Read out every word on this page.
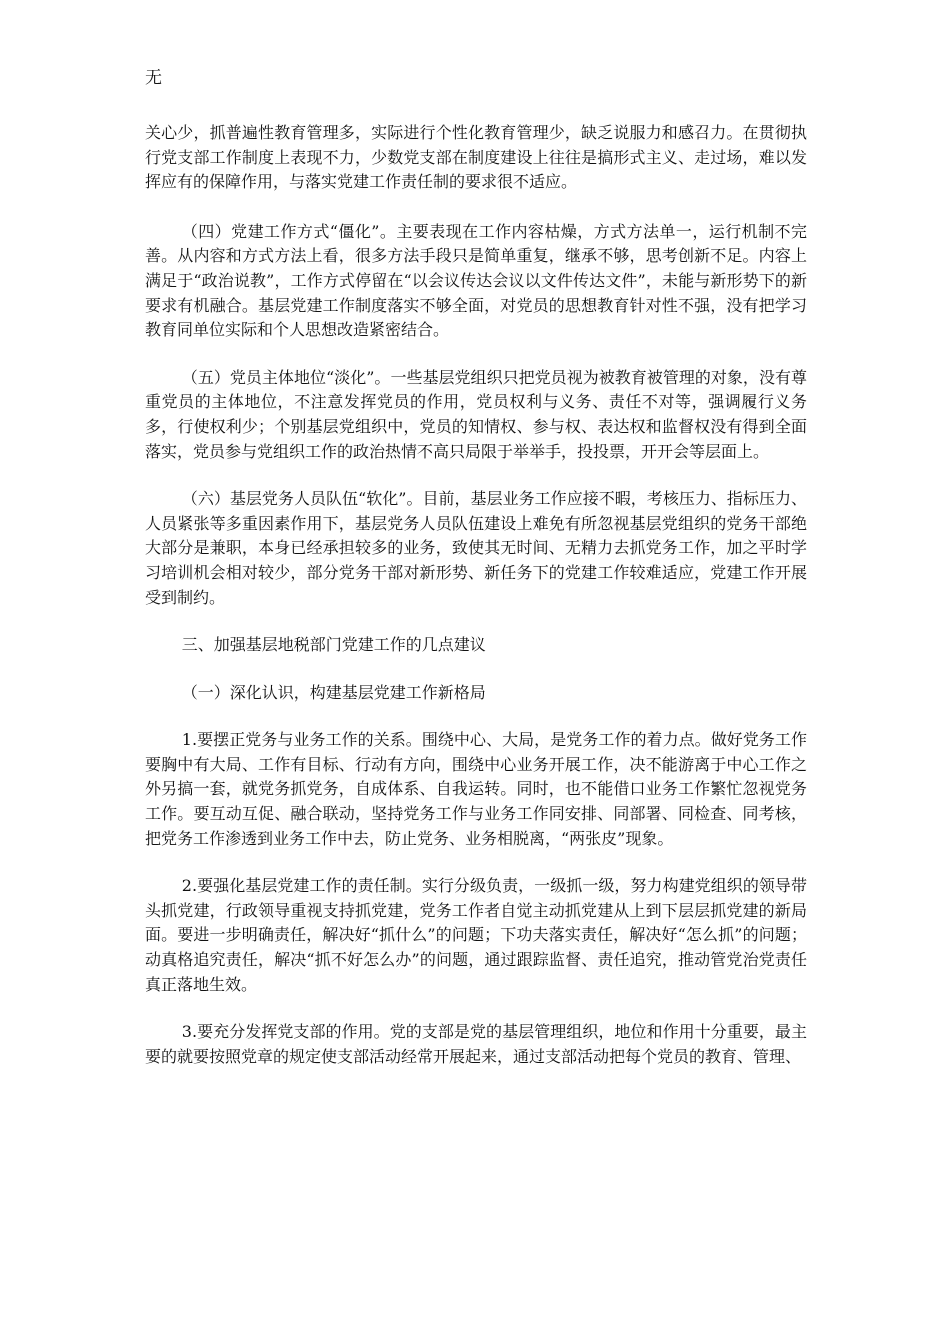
无

关心少，抓普遍性教育管理多，实际进行个性化教育管理少，缺乏说服力和感召力。在贯彻执行党支部工作制度上表现不力，少数党支部在制度建设上往往是搞形式主义、走过场，难以发挥应有的保障作用，与落实党建工作责任制的要求很不适应。

（四）党建工作方式“僵化”。主要表现在工作内容枯燥，方式方法单一，运行机制不完善。从内容和方式方法上看，很多方法手段只是简单重复，继承不够，思考创新不足。内容上满足于“政治说教”，工作方式停留在“以会议传达会议以文件传达文件”，未能与新形势下的新要求有机融合。基层党建工作制度落实不够全面，对党员的思想教育针对性不强，没有把学习教育同单位实际和个人思想改造紧密结合。

（五）党员主体地位“淡化”。一些基层党组织只把党员视为被教育被管理的对象，没有尊重党员的主体地位，不注意发挥党员的作用，党员权利与义务、责任不对等，强调履行义务多，行使权利少；个别基层党组织中，党员的知情权、参与权、表达权和监督权没有得到全面落实，党员参与党组织工作的政治热情不高只局限于举举手，投投票，开开会等层面上。

（六）基层党务人员队伍“软化”。目前，基层业务工作应接不暇，考核压力、指标压力、人员紧张等多重因素作用下，基层党务人员队伍建设上难免有所忽视基层党组织的党务干部绝大部分是兼职，本身已经承担较多的业务，致使其无时间、无精力去抓党务工作，加之平时学习培训机会相对较少，部分党务干部对新形势、新任务下的党建工作较难适应，党建工作开展受到制约。

三、加强基层地税部门党建工作的几点建议

（一）深化认识，构建基层党建工作新格局

1.要摆正党务与业务工作的关系。围绕中心、大局，是党务工作的着力点。做好党务工作要胸中有大局、工作有目标、行动有方向，围绕中心业务开展工作，决不能游离于中心工作之外另搞一套，就党务抓党务，自成体系、自我运转。同时，也不能借口业务工作繁忙忽视党务工作。要互动互促、融合联动，坚持党务工作与业务工作同安排、同部署、同检查、同考核，把党务工作渗透到业务工作中去，防止党务、业务相脱离，“两张皮”现象。

2.要强化基层党建工作的责任制。实行分级负责，一级抓一级，努力构建党组织的领导带头抓党建，行政领导重视支持抓党建，党务工作者自觉主动抓党建从上到下层层抓党建的新局面。要进一步明确责任，解决好“抓什么”的问题；下功夫落实责任，解决好“怎么抓”的问题；动真格追究责任，解决“抓不好怎么办”的问题，通过跟踪监督、责任追究，推动管党治党责任真正落地生效。

3.要充分发挥党支部的作用。党的支部是党的基层管理组织，地位和作用十分重要，最主要的就要按照党章的规定使支部活动经常开展起来，通过支部活动把每个党员的教育、管理、
